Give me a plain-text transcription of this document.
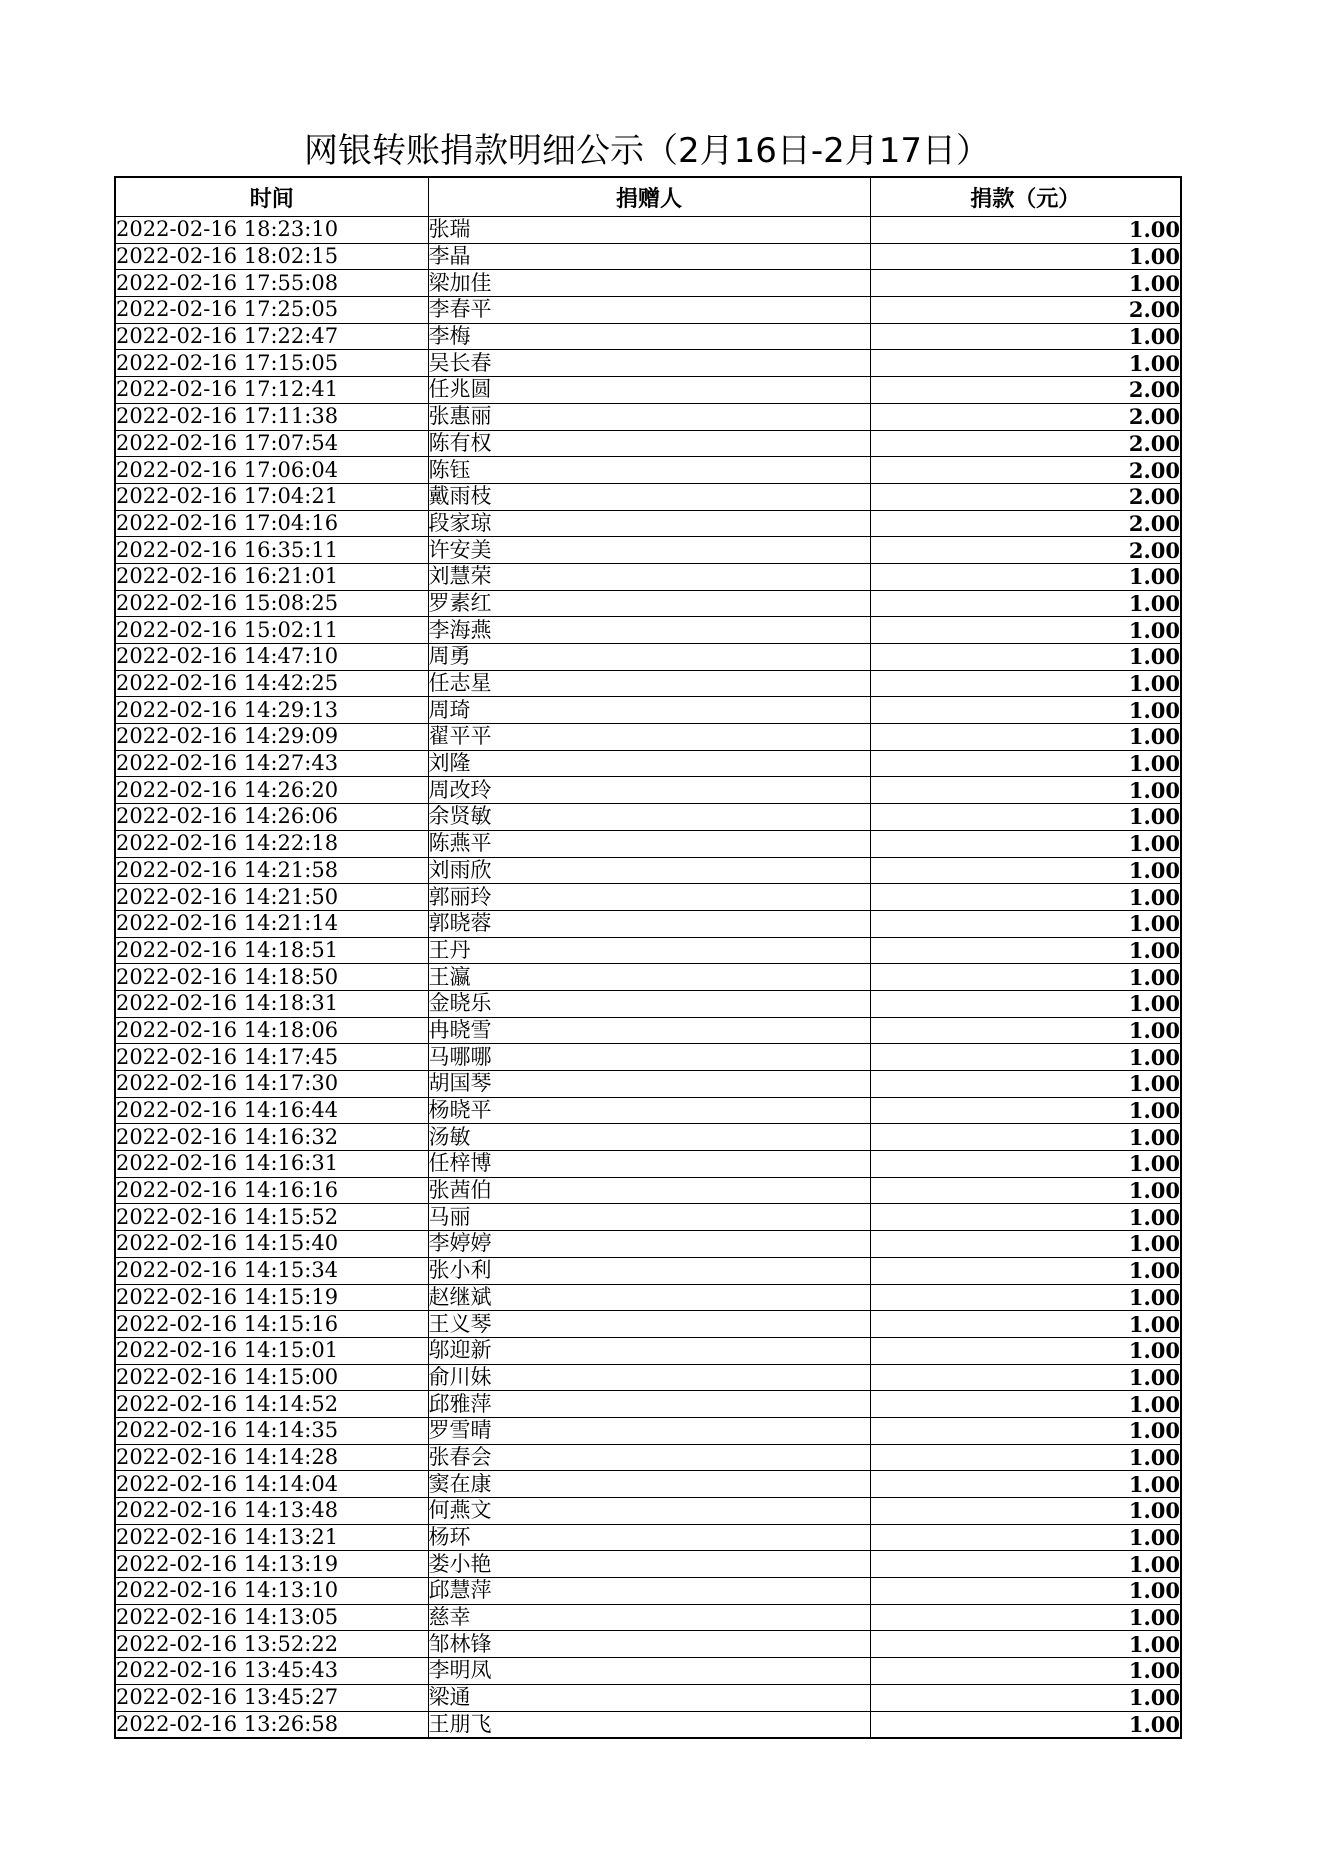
网银转账捐款明细公示（2月16日-2月17日）
时间	捐赠人	捐款（元）
2022-02-16 18:23:10	张瑞	1.00
2022-02-16 18:02:15	李晶	1.00
2022-02-16 17:55:08	梁加佳	1.00
2022-02-16 17:25:05	李春平	2.00
2022-02-16 17:22:47	李梅	1.00
2022-02-16 17:15:05	吴长春	1.00
2022-02-16 17:12:41	任兆圆	2.00
2022-02-16 17:11:38	张惠丽	2.00
2022-02-16 17:07:54	陈有权	2.00
2022-02-16 17:06:04	陈钰	2.00
2022-02-16 17:04:21	戴雨枝	2.00
2022-02-16 17:04:16	段家琼	2.00
2022-02-16 16:35:11	许安美	2.00
2022-02-16 16:21:01	刘慧荣	1.00
2022-02-16 15:08:25	罗素红	1.00
2022-02-16 15:02:11	李海燕	1.00
2022-02-16 14:47:10	周勇	1.00
2022-02-16 14:42:25	任志星	1.00
2022-02-16 14:29:13	周琦	1.00
2022-02-16 14:29:09	翟平平	1.00
2022-02-16 14:27:43	刘隆	1.00
2022-02-16 14:26:20	周改玲	1.00
2022-02-16 14:26:06	余贤敏	1.00
2022-02-16 14:22:18	陈燕平	1.00
2022-02-16 14:21:58	刘雨欣	1.00
2022-02-16 14:21:50	郭丽玲	1.00
2022-02-16 14:21:14	郭晓蓉	1.00
2022-02-16 14:18:51	王丹	1.00
2022-02-16 14:18:50	王瀛	1.00
2022-02-16 14:18:31	金晓乐	1.00
2022-02-16 14:18:06	冉晓雪	1.00
2022-02-16 14:17:45	马哪哪	1.00
2022-02-16 14:17:30	胡国琴	1.00
2022-02-16 14:16:44	杨晓平	1.00
2022-02-16 14:16:32	汤敏	1.00
2022-02-16 14:16:31	任梓博	1.00
2022-02-16 14:16:16	张茜伯	1.00
2022-02-16 14:15:52	马丽	1.00
2022-02-16 14:15:40	李婷婷	1.00
2022-02-16 14:15:34	张小利	1.00
2022-02-16 14:15:19	赵继斌	1.00
2022-02-16 14:15:16	王义琴	1.00
2022-02-16 14:15:01	邬迎新	1.00
2022-02-16 14:15:00	俞川妹	1.00
2022-02-16 14:14:52	邱雅萍	1.00
2022-02-16 14:14:35	罗雪晴	1.00
2022-02-16 14:14:28	张春会	1.00
2022-02-16 14:14:04	窦在康	1.00
2022-02-16 14:13:48	何燕文	1.00
2022-02-16 14:13:21	杨环	1.00
2022-02-16 14:13:19	娄小艳	1.00
2022-02-16 14:13:10	邱慧萍	1.00
2022-02-16 14:13:05	慈幸	1.00
2022-02-16 13:52:22	邹林锋	1.00
2022-02-16 13:45:43	李明凤	1.00
2022-02-16 13:45:27	梁通	1.00
2022-02-16 13:26:58	王朋飞	1.00
